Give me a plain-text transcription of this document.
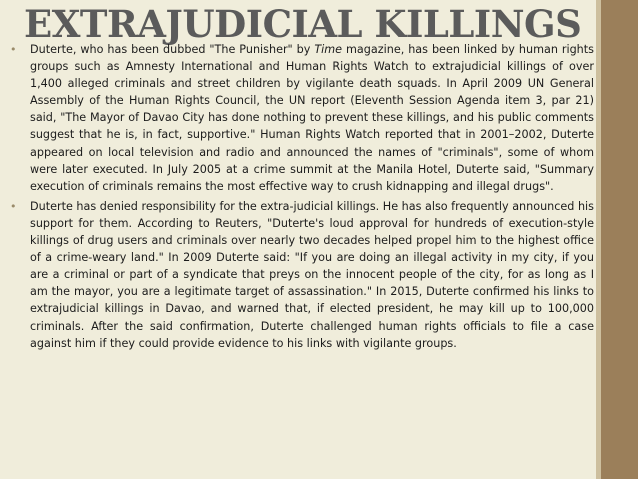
EXTRAJUDICIAL KILLINGS
•	Duterte, who has been dubbed "The Punisher" by Time magazine, has been linked by human rights groups such as Amnesty International and Human Rights Watch to extrajudicial killings of over 1,400 alleged criminals and street children by vigilante death squads. In April 2009 UN General Assembly of the Human Rights Council, the UN report (Eleventh Session Agenda item 3, par 21) said, "The Mayor of Davao City has done nothing to prevent these killings, and his public comments suggest that he is, in fact, supportive." Human Rights Watch reported that in 2001–2002, Duterte appeared on local television and radio and announced the names of "criminals", some of whom were later executed. In July 2005 at a crime summit at the Manila Hotel, Duterte said, "Summary execution of criminals remains the most effective way to crush kidnapping and illegal drugs".
•	Duterte has denied responsibility for the extra-judicial killings. He has also frequently announced his support for them. According to Reuters, "Duterte's loud approval for hundreds of execution-style killings of drug users and criminals over nearly two decades helped propel him to the highest office of a crime-weary land." In 2009 Duterte said: "If you are doing an illegal activity in my city, if you are a criminal or part of a syndicate that preys on the innocent people of the city, for as long as I am the mayor, you are a legitimate target of assassination." In 2015, Duterte confirmed his links to extrajudicial killings in Davao, and warned that, if elected president, he may kill up to 100,000 criminals. After the said confirmation, Duterte challenged human rights officials to file a case against him if they could provide evidence to his links with vigilante groups.
